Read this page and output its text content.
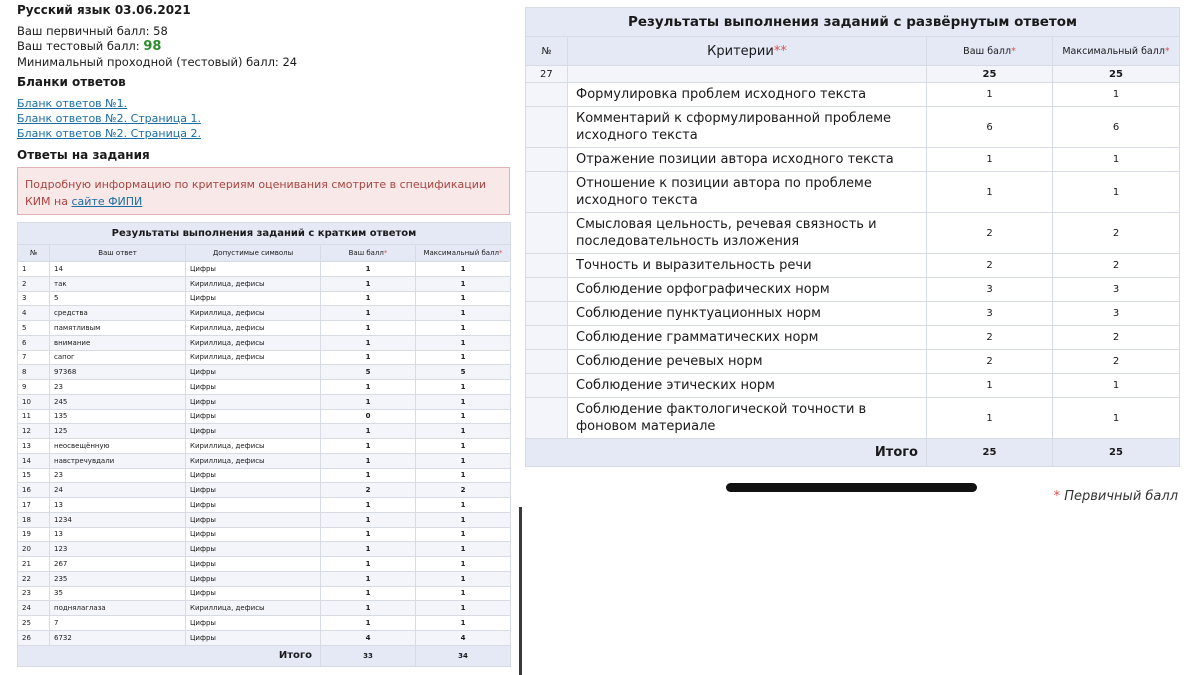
Русский язык 03.06.2021
Ваш первичный балл: 58
Ваш тестовый балл: 98
Минимальный проходной (тестовый) балл: 24
Бланки ответов
Бланк ответов №1.
Бланк ответов №2. Страница 1.
Бланк ответов №2. Страница 2.
Ответы на задания
Подробную информацию по критериям оценивания смотрите в спецификации КИМ на сайте ФИПИ
Результаты выполнения заданий с кратким ответом				
№	Ваш ответ	Допустимые символы	Ваш балл*	Максимальный балл*
1	14	Цифры	1	1
2	так	Кириллица, дефисы	1	1
3	5	Цифры	1	1
4	средства	Кириллица, дефисы	1	1
5	памятливым	Кириллица, дефисы	1	1
6	внимание	Кириллица, дефисы	1	1
7	сапог	Кириллица, дефисы	1	1
8	97368	Цифры	5	5
9	23	Цифры	1	1
10	245	Цифры	1	1
11	135	Цифры	0	1
12	125	Цифры	1	1
13	неосвещённую	Кириллица, дефисы	1	1
14	навстречувдали	Кириллица, дефисы	1	1
15	23	Цифры	1	1
16	24	Цифры	2	2
17	13	Цифры	1	1
18	1234	Цифры	1	1
19	13	Цифры	1	1
20	123	Цифры	1	1
21	267	Цифры	1	1
22	235	Цифры	1	1
23	35	Цифры	1	1
24	поднялаглаза	Кириллица, дефисы	1	1
25	7	Цифры	1	1
26	6732	Цифры	4	4
Итого			33	34
Результаты выполнения заданий с развёрнутым ответом			
№	Критерии**	Ваш балл*	Максимальный балл*
27		25	25
	Формулировка проблем исходного текста	1	1
	Комментарий к сформулированной проблеме исходного текста	6	6
	Отражение позиции автора исходного текста	1	1
	Отношение к позиции автора по проблеме исходного текста	1	1
	Смысловая цельность, речевая связность и последовательность изложения	2	2
	Точность и выразительность речи	2	2
	Соблюдение орфографических норм	3	3
	Соблюдение пунктуационных норм	3	3
	Соблюдение грамматических норм	2	2
	Соблюдение речевых норм	2	2
	Соблюдение этических норм	1	1
	Соблюдение фактологической точности в фоновом материале	1	1
Итого		25	25
* Первичный балл
